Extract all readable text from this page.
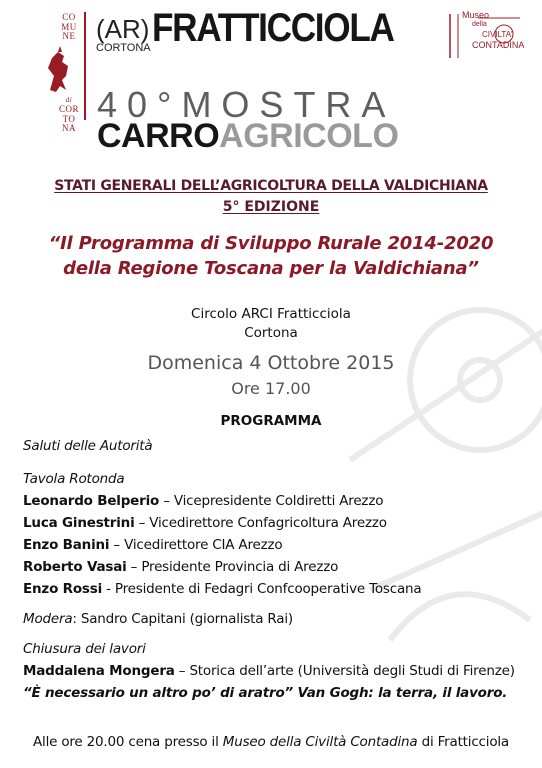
CO
MU
NE
di
COR
TO
NA
(AR)
CORTONA FRATTICCIOLA	Museo
della
CIVILTA'
CONTADINA
40°MOSTRA
CARROAGRICOLO
STATI GENERALI DELL’AGRICOLTURA DELLA VALDICHIANA
5° EDIZIONE
“Il Programma di Sviluppo Rurale 2014-2020
della Regione Toscana per la Valdichiana”
Circolo ARCI Fratticciola
Cortona
Domenica 4 Ottobre 2015
Ore 17.00
PROGRAMMA
Saluti delle Autorità
Tavola Rotonda
Leonardo Belperio – Vicepresidente Coldiretti Arezzo
Luca Ginestrini – Vicedirettore Confagricoltura Arezzo
Enzo Banini – Vicedirettore CIA Arezzo
Roberto Vasai – Presidente Provincia di Arezzo
Enzo Rossi - Presidente di Fedagri Confcooperative Toscana
Modera: Sandro Capitani (giornalista Rai)
Chiusura dei lavori
Maddalena Mongera – Storica dell’arte (Università degli Studi di Firenze)
“È necessario un altro po’ di aratro” Van Gogh: la terra, il lavoro.
Alle ore 20.00 cena presso il Museo della Civiltà Contadina di Fratticciola
